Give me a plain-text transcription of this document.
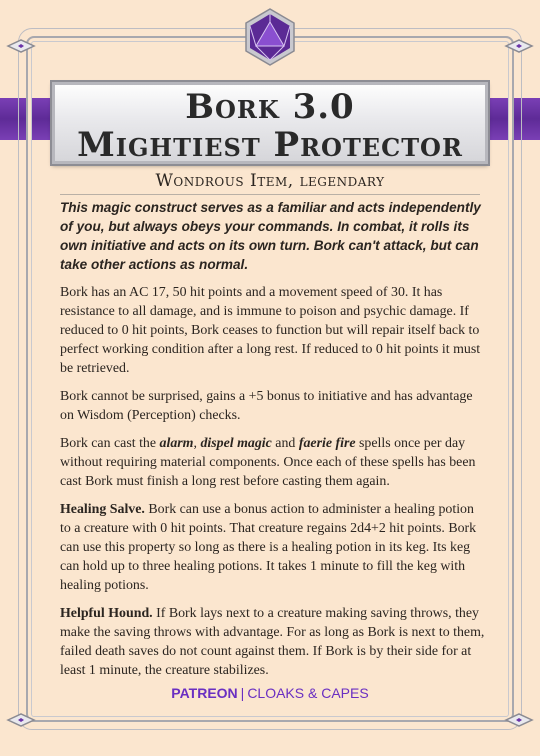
Bork 3.0
Mightiest Protector
Wondrous Item, legendary

This magic construct serves as a familiar and acts independently of you, but always obeys your commands. In combat, it rolls its own initiative and acts on its own turn. Bork can't attack, but can take other actions as normal.

Bork has an AC 17, 50 hit points and a movement speed of 30. It has resistance to all damage, and is immune to poison and psychic damage. If reduced to 0 hit points, Bork ceases to function but will repair itself back to perfect working condition after a long rest. If reduced to 0 hit points it must be retrieved.

Bork cannot be surprised, gains a +5 bonus to initiative and has advantage on Wisdom (Perception) checks.

Bork can cast the alarm, dispel magic and faerie fire spells once per day without requiring material components. Once each of these spells has been cast Bork must finish a long rest before casting them again.

Healing Salve. Bork can use a bonus action to administer a healing potion to a creature with 0 hit points. That creature regains 2d4+2 hit points. Bork can use this property so long as there is a healing potion in its keg. Its keg can hold up to three healing potions. It takes 1 minute to fill the keg with healing potions.

Helpful Hound. If Bork lays next to a creature making saving throws, they make the saving throws with advantage. For as long as Bork is next to them, failed death saves do not count against them. If Bork is by their side for at least 1 minute, the creature stabilizes.

PATREON | CLOAKS & CAPES
